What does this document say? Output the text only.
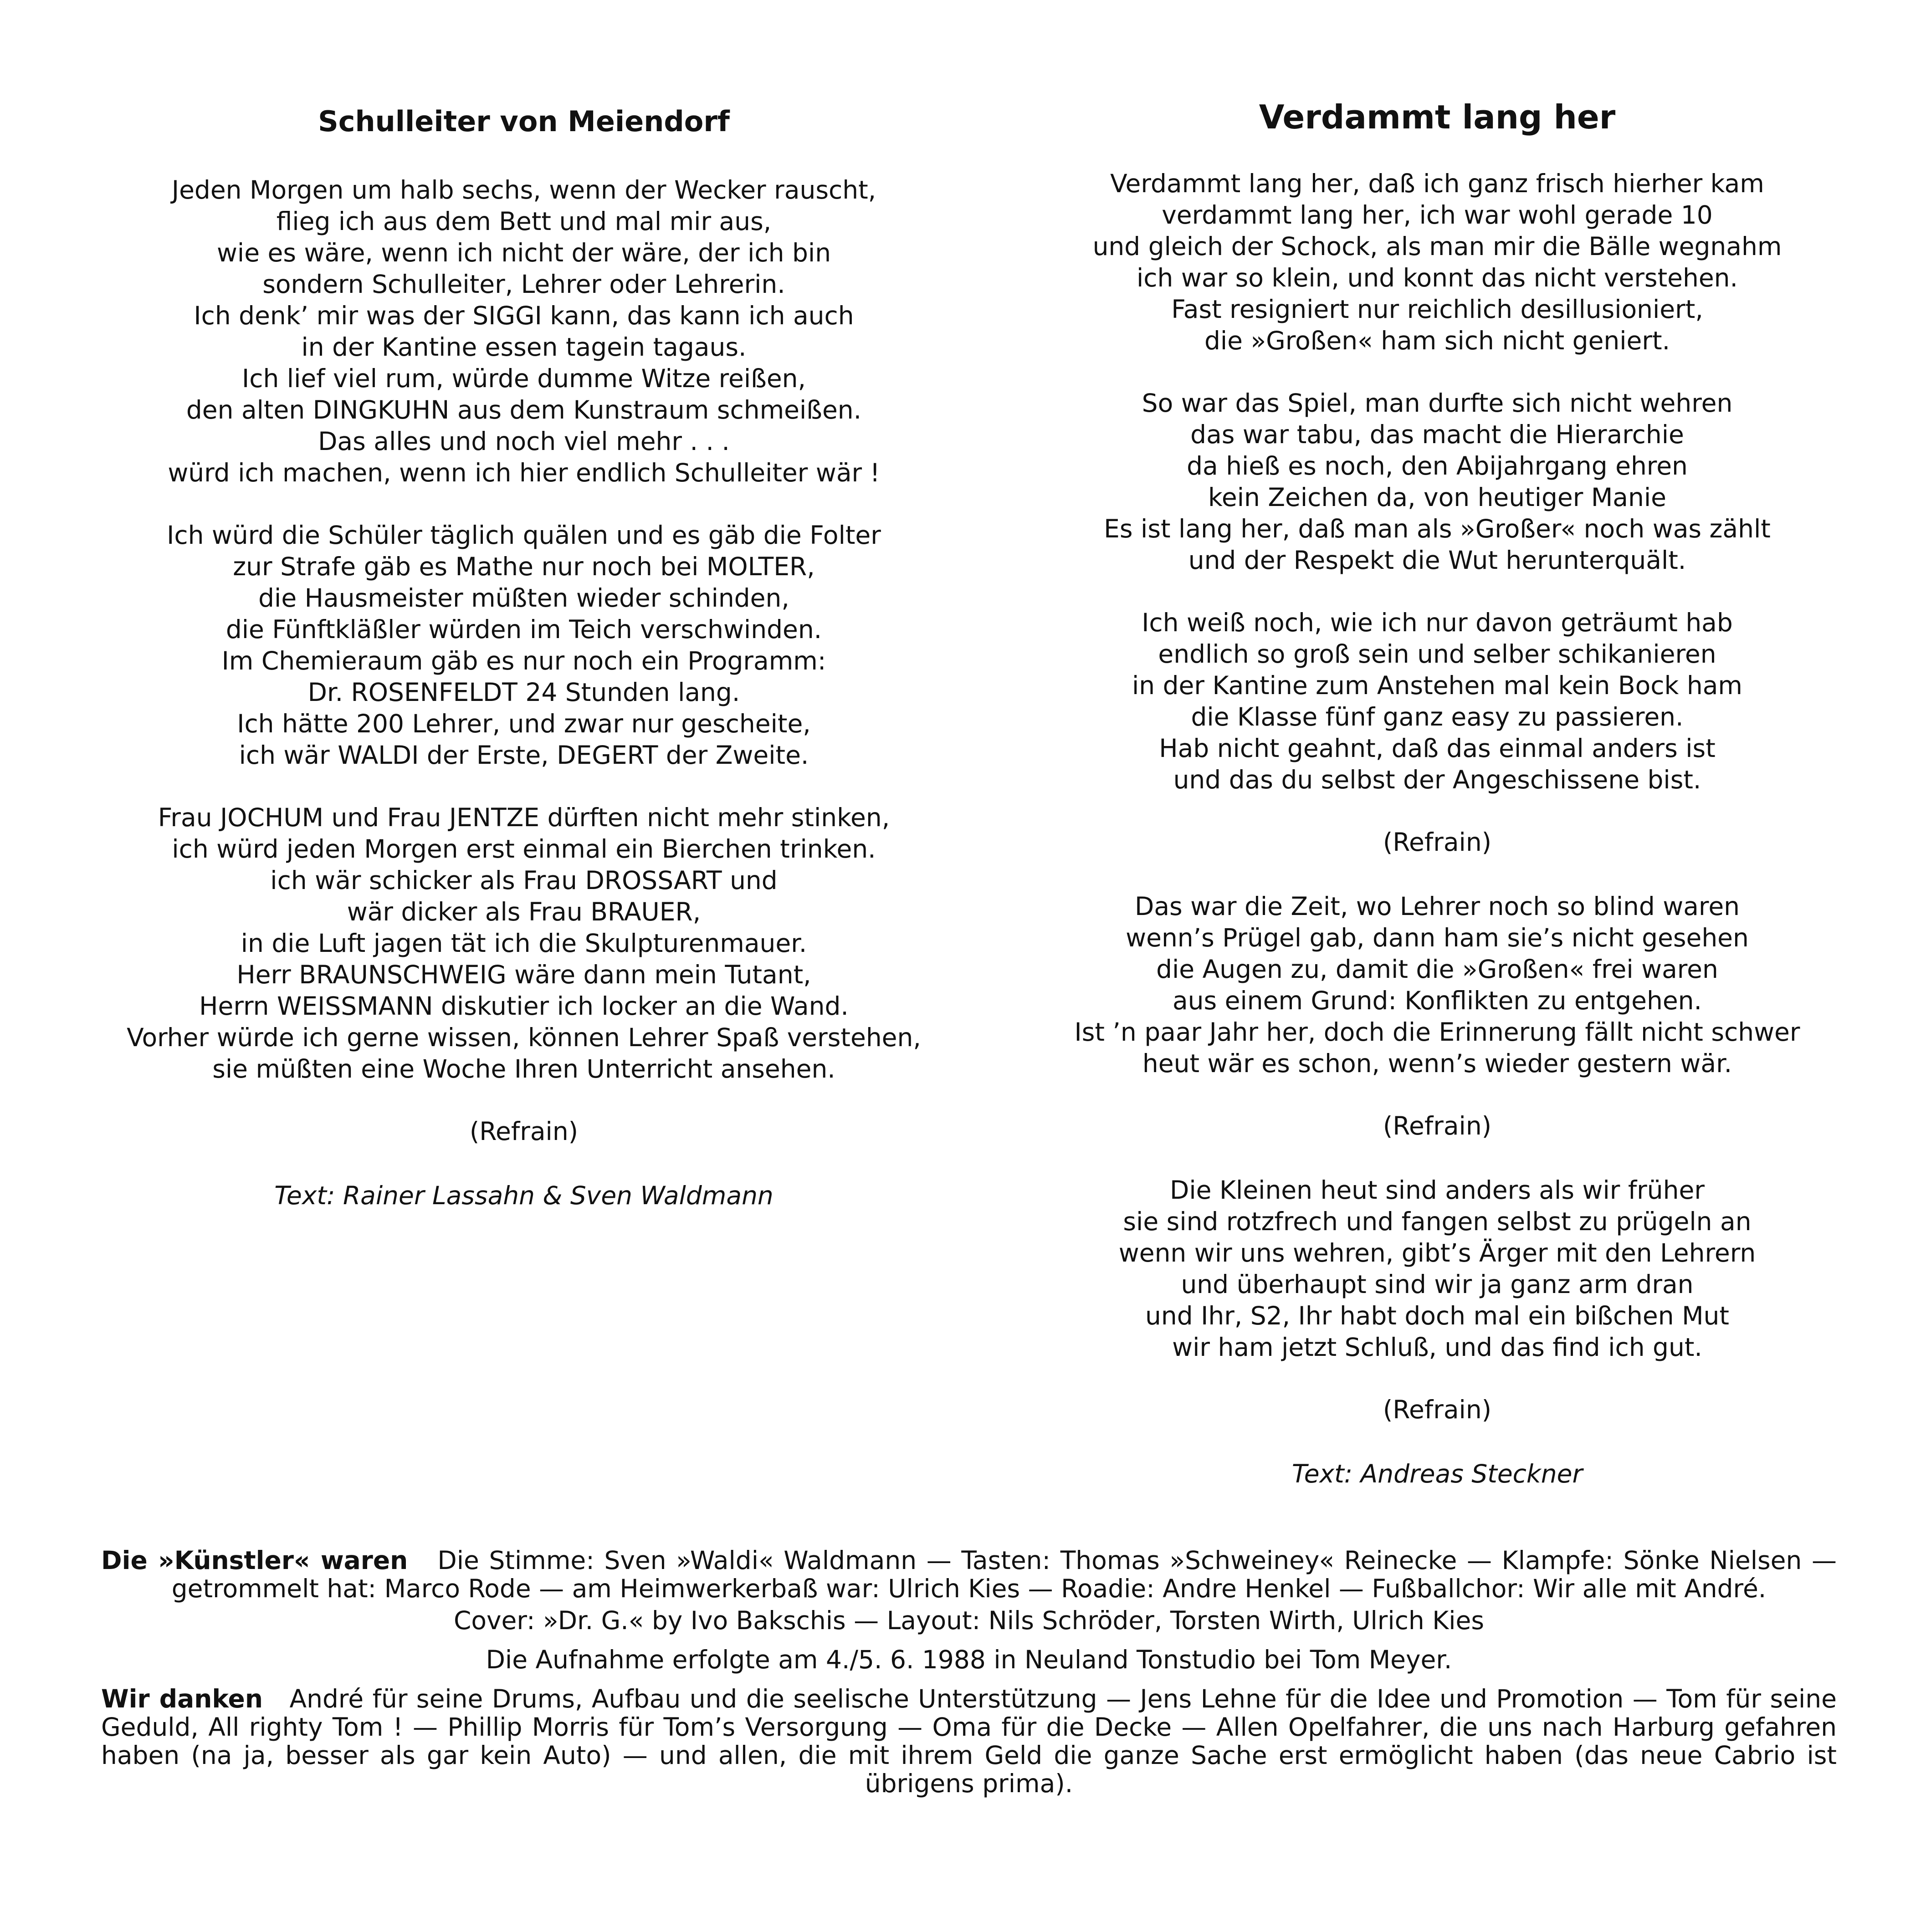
Schulleiter von Meiendorf
Jeden Morgen um halb sechs, wenn der Wecker rauscht,
flieg ich aus dem Bett und mal mir aus,
wie es wäre, wenn ich nicht der wäre, der ich bin
sondern Schulleiter, Lehrer oder Lehrerin.
Ich denk’ mir was der SIGGI kann, das kann ich auch
in der Kantine essen tagein tagaus.
Ich lief viel rum, würde dumme Witze reißen,
den alten DINGKUHN aus dem Kunstraum schmeißen.
Das alles und noch viel mehr . . .
würd ich machen, wenn ich hier endlich Schulleiter wär !
Ich würd die Schüler täglich quälen und es gäb die Folter
zur Strafe gäb es Mathe nur noch bei MOLTER,
die Hausmeister müßten wieder schinden,
die Fünftkläßler würden im Teich verschwinden.
Im Chemieraum gäb es nur noch ein Programm:
Dr. ROSENFELDT 24 Stunden lang.
Ich hätte 200 Lehrer, und zwar nur gescheite,
ich wär WALDI der Erste, DEGERT der Zweite.
Frau JOCHUM und Frau JENTZE dürften nicht mehr stinken,
ich würd jeden Morgen erst einmal ein Bierchen trinken.
ich wär schicker als Frau DROSSART und
wär dicker als Frau BRAUER,
in die Luft jagen tät ich die Skulpturenmauer.
Herr BRAUNSCHWEIG wäre dann mein Tutant,
Herrn WEISSMANN diskutier ich locker an die Wand.
Vorher würde ich gerne wissen, können Lehrer Spaß verstehen,
sie müßten eine Woche Ihren Unterricht ansehen.
(Refrain)
Text: Rainer Lassahn & Sven Waldmann
Verdammt lang her
Verdammt lang her, daß ich ganz frisch hierher kam
verdammt lang her, ich war wohl gerade 10
und gleich der Schock, als man mir die Bälle wegnahm
ich war so klein, und konnt das nicht verstehen.
Fast resigniert nur reichlich desillusioniert,
die »Großen« ham sich nicht geniert.
So war das Spiel, man durfte sich nicht wehren
das war tabu, das macht die Hierarchie
da hieß es noch, den Abijahrgang ehren
kein Zeichen da, von heutiger Manie
Es ist lang her, daß man als »Großer« noch was zählt
und der Respekt die Wut herunterquält.
Ich weiß noch, wie ich nur davon geträumt hab
endlich so groß sein und selber schikanieren
in der Kantine zum Anstehen mal kein Bock ham
die Klasse fünf ganz easy zu passieren.
Hab nicht geahnt, daß das einmal anders ist
und das du selbst der Angeschissene bist.
(Refrain)
Das war die Zeit, wo Lehrer noch so blind waren
wenn’s Prügel gab, dann ham sie’s nicht gesehen
die Augen zu, damit die »Großen« frei waren
aus einem Grund: Konflikten zu entgehen.
Ist ’n paar Jahr her, doch die Erinnerung fällt nicht schwer
heut wär es schon, wenn’s wieder gestern wär.
(Refrain)
Die Kleinen heut sind anders als wir früher
sie sind rotzfrech und fangen selbst zu prügeln an
wenn wir uns wehren, gibt’s Ärger mit den Lehrern
und überhaupt sind wir ja ganz arm dran
und Ihr, S2, Ihr habt doch mal ein bißchen Mut
wir ham jetzt Schluß, und das find ich gut.
(Refrain)
Text: Andreas Steckner

Die »Künstler« waren Die Stimme: Sven »Waldi« Waldmann — Tasten: Thomas »Schweiney« Reinecke — Klampfe: Sönke Nielsen — getrommelt hat: Marco Rode — am Heimwerkerbaß war: Ulrich Kies — Roadie: Andre Henkel — Fußballchor: Wir alle mit André.

Cover: »Dr. G.« by Ivo Bakschis — Layout: Nils Schröder, Torsten Wirth, Ulrich Kies

Die Aufnahme erfolgte am 4./5. 6. 1988 in Neuland Tonstudio bei Tom Meyer.

Wir danken André für seine Drums, Aufbau und die seelische Unterstützung — Jens Lehne für die Idee und Promotion — Tom für seine Geduld, All righty Tom ! — Phillip Morris für Tom’s Versorgung — Oma für die Decke — Allen Opelfahrer, die uns nach Harburg gefahren haben (na ja, besser als gar kein Auto) — und allen, die mit ihrem Geld die ganze Sache erst ermöglicht haben (das neue Cabrio ist übrigens prima).
